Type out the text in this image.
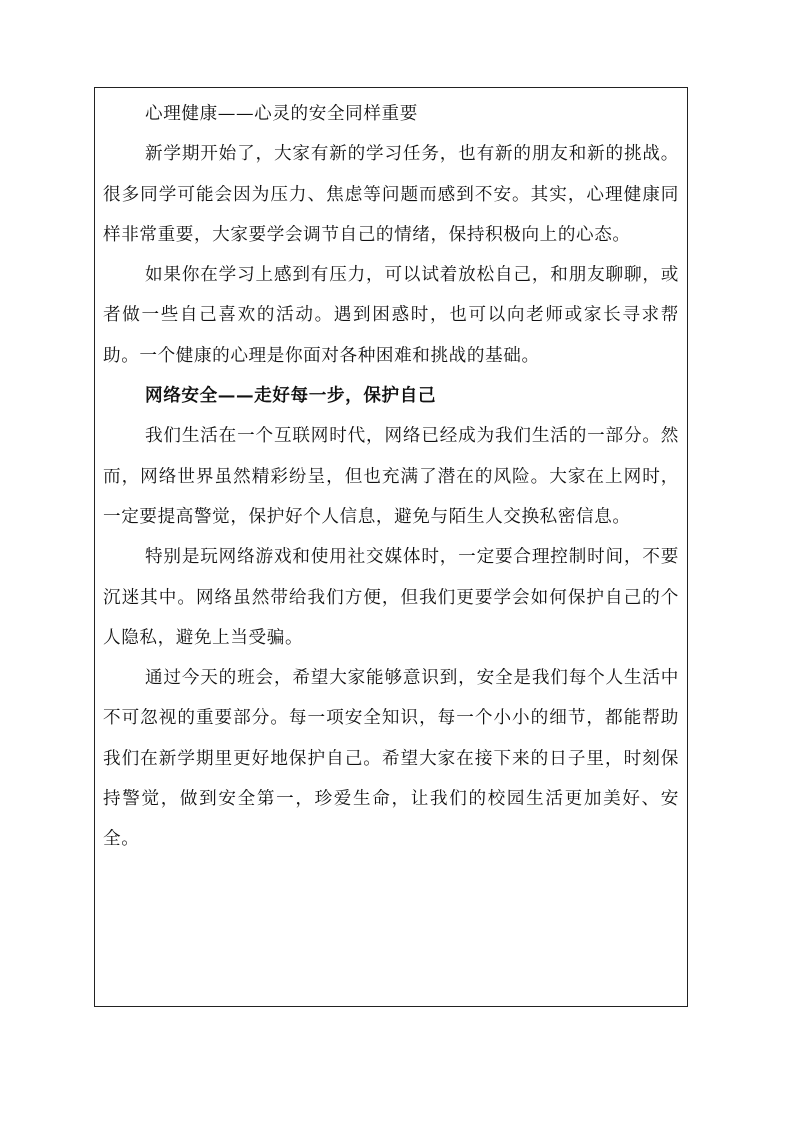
心理健康——心灵的安全同样重要

新学期开始了，大家有新的学习任务，也有新的朋友和新的挑战。很多同学可能会因为压力、焦虑等问题而感到不安。其实，心理健康同样非常重要，大家要学会调节自己的情绪，保持积极向上的心态。

如果你在学习上感到有压力，可以试着放松自己，和朋友聊聊，或者做一些自己喜欢的活动。遇到困惑时，也可以向老师或家长寻求帮助。一个健康的心理是你面对各种困难和挑战的基础。

网络安全——走好每一步，保护自己

我们生活在一个互联网时代，网络已经成为我们生活的一部分。然而，网络世界虽然精彩纷呈，但也充满了潜在的风险。大家在上网时，一定要提高警觉，保护好个人信息，避免与陌生人交换私密信息。

特别是玩网络游戏和使用社交媒体时，一定要合理控制时间，不要沉迷其中。网络虽然带给我们方便，但我们更要学会如何保护自己的个人隐私，避免上当受骗。

通过今天的班会，希望大家能够意识到，安全是我们每个人生活中不可忽视的重要部分。每一项安全知识，每一个小小的细节，都能帮助我们在新学期里更好地保护自己。希望大家在接下来的日子里，时刻保持警觉，做到安全第一，珍爱生命，让我们的校园生活更加美好、安全。
